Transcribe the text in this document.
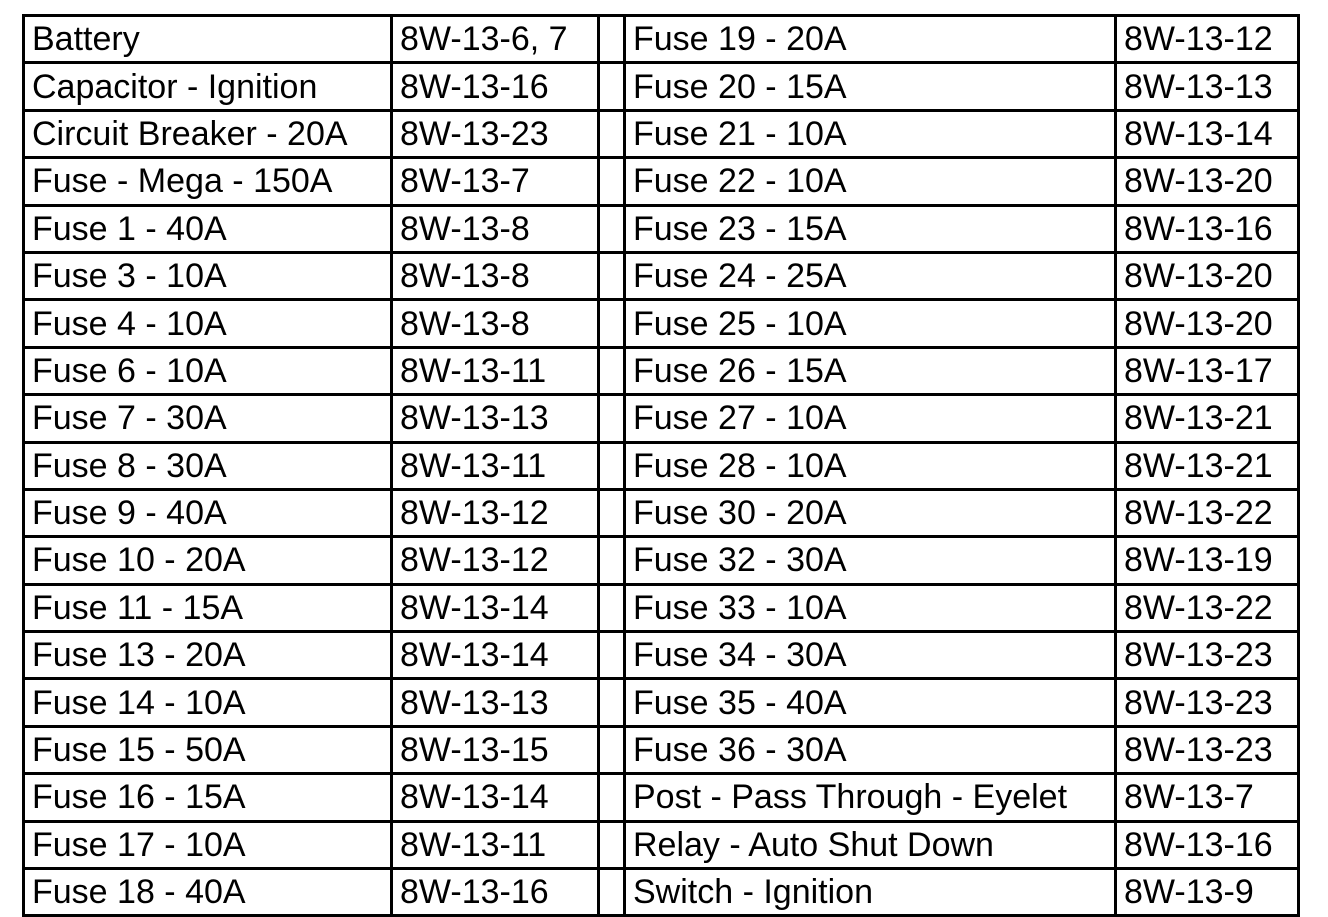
Battery	8W-13-6, 7		Fuse 19 - 20A	8W-13-12
Capacitor - Ignition	8W-13-16		Fuse 20 - 15A	8W-13-13
Circuit Breaker - 20A	8W-13-23		Fuse 21 - 10A	8W-13-14
Fuse - Mega - 150A	8W-13-7		Fuse 22 - 10A	8W-13-20
Fuse 1 - 40A	8W-13-8		Fuse 23 - 15A	8W-13-16
Fuse 3 - 10A	8W-13-8		Fuse 24 - 25A	8W-13-20
Fuse 4 - 10A	8W-13-8		Fuse 25 - 10A	8W-13-20
Fuse 6 - 10A	8W-13-11		Fuse 26 - 15A	8W-13-17
Fuse 7 - 30A	8W-13-13		Fuse 27 - 10A	8W-13-21
Fuse 8 - 30A	8W-13-11		Fuse 28 - 10A	8W-13-21
Fuse 9 - 40A	8W-13-12		Fuse 30 - 20A	8W-13-22
Fuse 10 - 20A	8W-13-12		Fuse 32 - 30A	8W-13-19
Fuse 11 - 15A	8W-13-14		Fuse 33 - 10A	8W-13-22
Fuse 13 - 20A	8W-13-14		Fuse 34 - 30A	8W-13-23
Fuse 14 - 10A	8W-13-13		Fuse 35 - 40A	8W-13-23
Fuse 15 - 50A	8W-13-15		Fuse 36 - 30A	8W-13-23
Fuse 16 - 15A	8W-13-14		Post - Pass Through - Eyelet	8W-13-7
Fuse 17 - 10A	8W-13-11		Relay - Auto Shut Down	8W-13-16
Fuse 18 - 40A	8W-13-16		Switch - Ignition	8W-13-9
